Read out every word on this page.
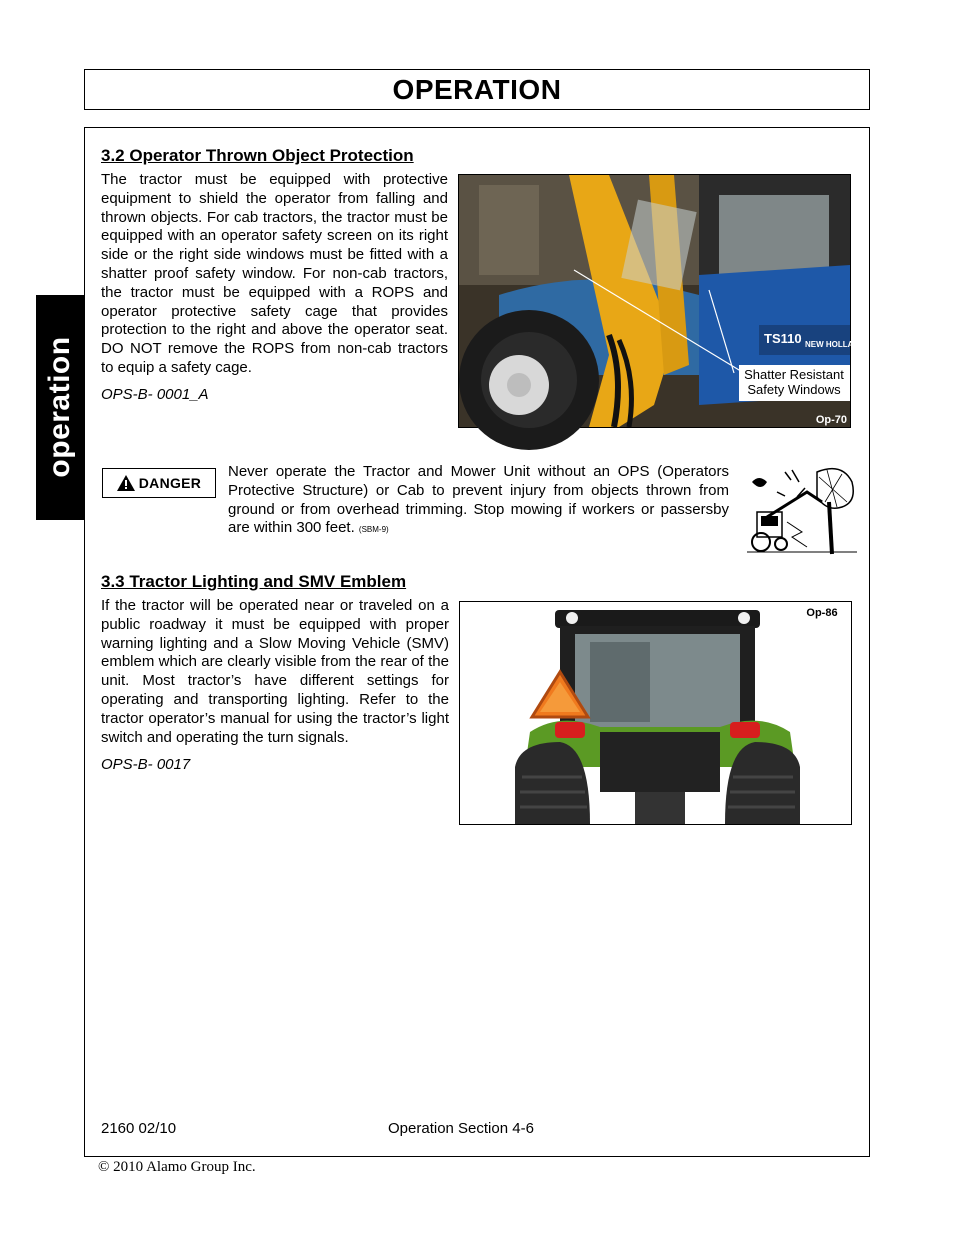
OPERATION
operation
3.2 Operator Thrown Object Protection
The tractor must be equipped with protective equipment to shield the operator from falling and thrown objects. For cab tractors, the tractor must be equipped with an operator safety screen on its right side or the right side windows must be fitted with a shatter proof safety window. For non-cab tractors, the tractor must be equipped with a ROPS and operator protective safety cage that provides protection to the right and above the operator seat. DO NOT remove the ROPS from non-cab tractors to equip a safety cage.
OPS-B- 0001_A
TS110 NEW HOLLAN
Shatter Resistant
Safety Windows
Op-70
DANGER
Never operate the Tractor and Mower Unit without an OPS (Operators Protective Structure) or Cab to prevent injury from objects thrown from ground or from overhead trimming. Stop mowing if workers or passersby are within 300 feet. (SBM-9)
3.3 Tractor Lighting and SMV Emblem
If the tractor will be operated near or traveled on a public roadway it must be equipped with proper warning lighting and a Slow Moving Vehicle (SMV) emblem which are clearly visible from the rear of the unit. Most tractor’s have different settings for operating and transporting lighting. Refer to the tractor operator’s manual for using the tractor’s light switch and operating the turn signals.
OPS-B- 0017
Op-86
2160 02/10	Operation Section 4-6
© 2010 Alamo Group Inc.
